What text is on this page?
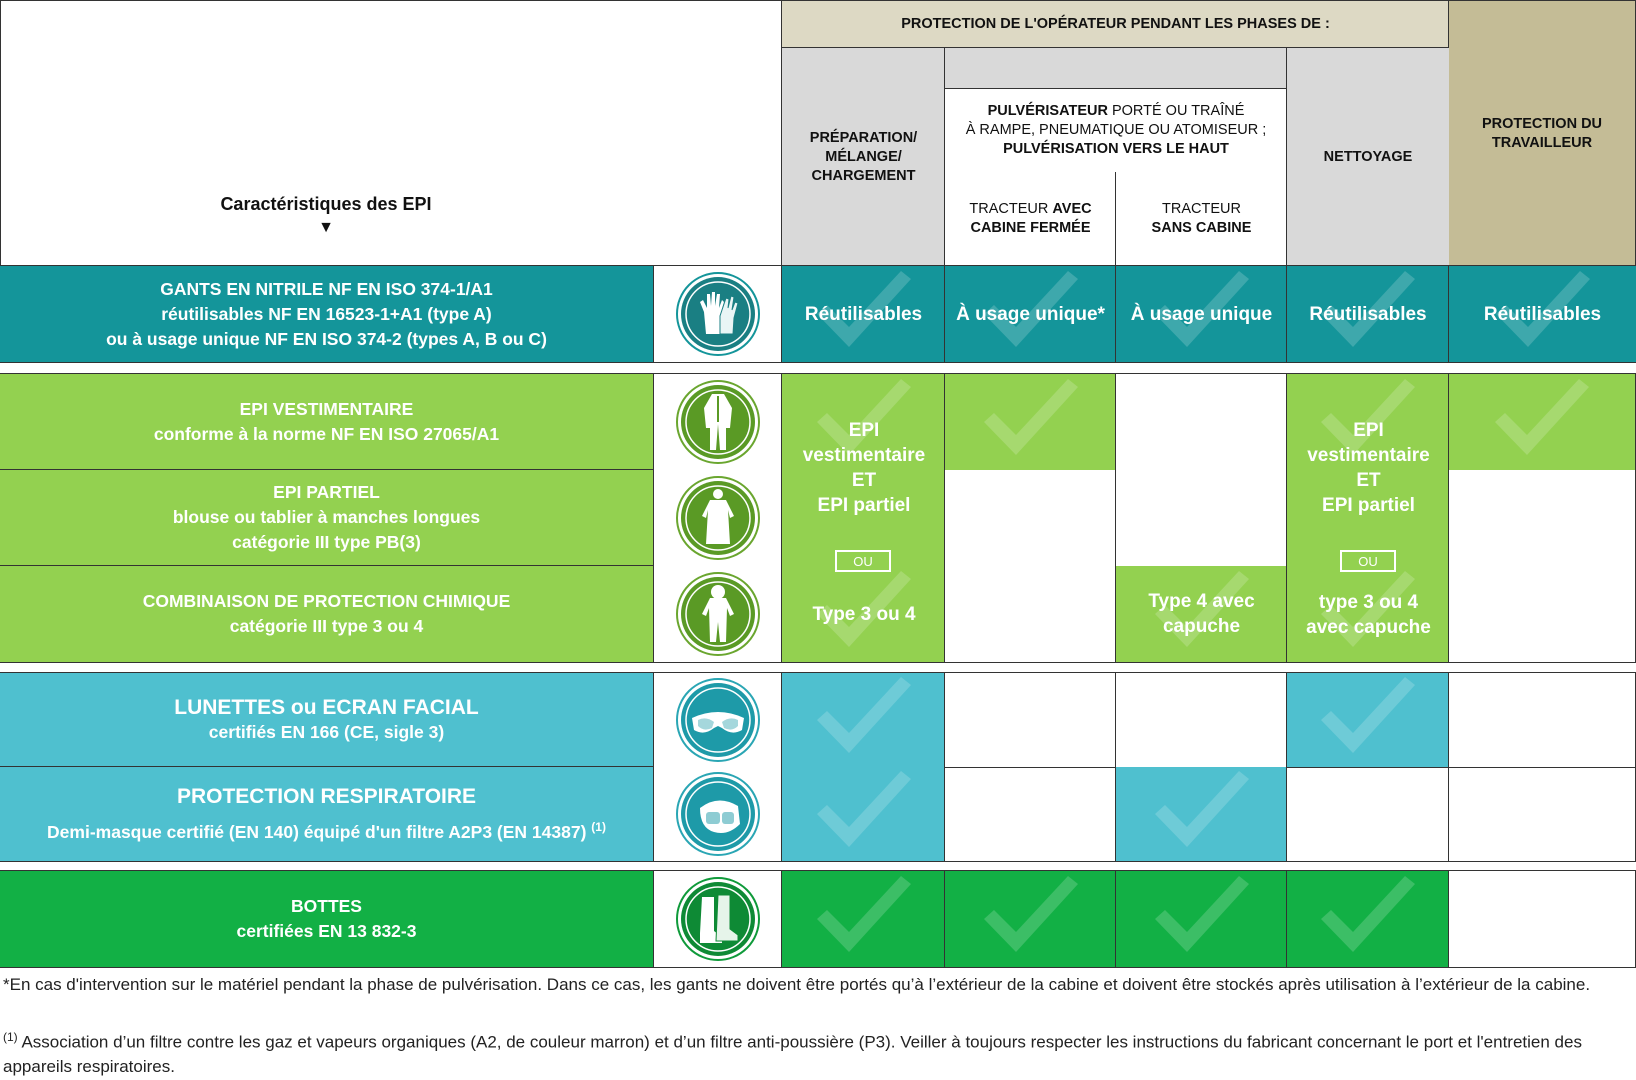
Caractéristiques des EPI
▼
PROTECTION DE L'OPÉRATEUR PENDANT LES PHASES DE :
PROTECTION DU
TRAVAILLEUR
PRÉPARATION/
MÉLANGE/
CHARGEMENT
PULVÉRISATEUR PORTÉ OU TRAÎNÉ
À RAMPE, PNEUMATIQUE OU ATOMISEUR ;
PULVÉRISATION VERS LE HAUT
TRACTEUR AVEC
CABINE FERMÉE
TRACTEUR
SANS CABINE
NETTOYAGE
GANTS EN NITRILE NF EN ISO 374-1/A1
réutilisables NF EN 16523-1+A1 (type A)
ou à usage unique NF EN ISO 374-2 (types A, B ou C)
Réutilisables À usage unique* À usage unique Réutilisables	Réutilisables
EPI VESTIMENTAIRE
conforme à la norme NF EN ISO 27065/A1
EPI PARTIEL
blouse ou tablier à manches longues
catégorie III type PB(3)
COMBINAISON DE PROTECTION CHIMIQUE
catégorie III type 3 ou 4
EPI
vestimentaire
ET
EPI partiel
OU
Type 3 ou 4
Type 4 avec
capuche
EPI
vestimentaire
ET
EPI partiel
OU
type 3 ou 4
avec capuche
LUNETTES ou ECRAN FACIAL
certifiés EN 166 (CE, sigle 3)
PROTECTION RESPIRATOIRE
Demi-masque certifié (EN 140) équipé d'un filtre A2P3 (EN 14387) $^{(1)}$
BOTTES
certifiées EN 13 832-3
*En cas d'intervention sur le matériel pendant la phase de pulvérisation. Dans ce cas, les gants ne doivent être portés qu’à l’extérieur de la cabine et doivent être stockés après utilisation à l’extérieur de la cabine.
$^{(1)}$ Association d’un filtre contre les gaz et vapeurs organiques (A2, de couleur marron) et d’un filtre anti-poussière (P3). Veiller à toujours respecter les instructions du fabricant concernant le port et l'entretien des appareils respiratoires.
